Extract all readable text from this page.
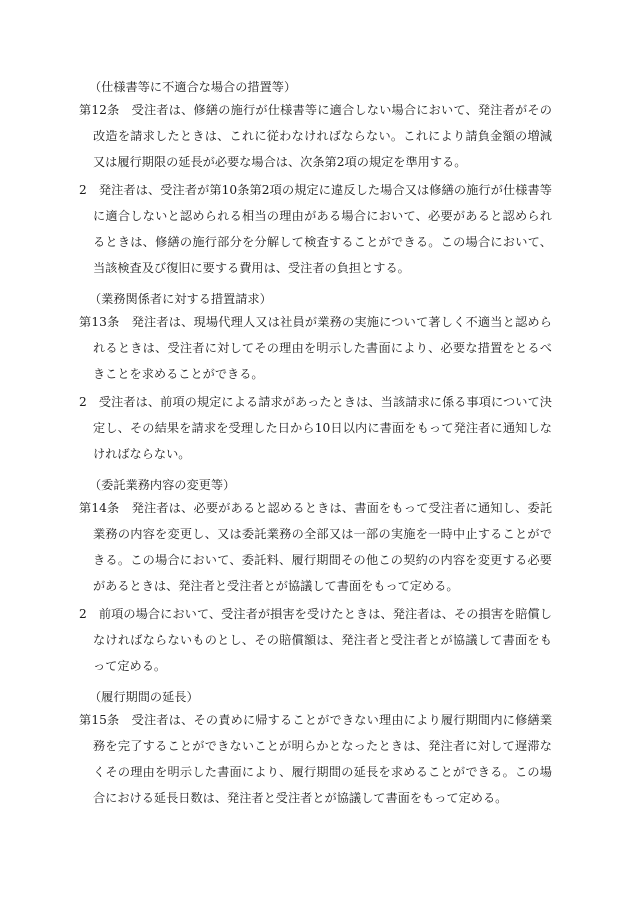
（仕様書等に不適合な場合の措置等）

第12条 受注者は、修繕の施行が仕様書等に適合しない場合において、発注者がその改造を請求したときは、これに従わなければならない。これにより請負金額の増減又は履行期限の延長が必要な場合は、次条第2項の規定を準用する。

2 発注者は、受注者が第10条第2項の規定に違反した場合又は修繕の施行が仕様書等に適合しないと認められる相当の理由がある場合において、必要があると認められるときは、修繕の施行部分を分解して検査することができる。この場合において、当該検査及び復旧に要する費用は、受注者の負担とする。

（業務関係者に対する措置請求）

第13条 発注者は、現場代理人又は社員が業務の実施について著しく不適当と認められるときは、受注者に対してその理由を明示した書面により、必要な措置をとるべきことを求めることができる。

2 受注者は、前項の規定による請求があったときは、当該請求に係る事項について決定し、その結果を請求を受理した日から10日以内に書面をもって発注者に通知しなければならない。

（委託業務内容の変更等）

第14条 発注者は、必要があると認めるときは、書面をもって受注者に通知し、委託業務の内容を変更し、又は委託業務の全部又は一部の実施を一時中止することができる。この場合において、委託料、履行期間その他この契約の内容を変更する必要があるときは、発注者と受注者とが協議して書面をもって定める。

2 前項の場合において、受注者が損害を受けたときは、発注者は、その損害を賠償しなければならないものとし、その賠償額は、発注者と受注者とが協議して書面をもって定める。

（履行期間の延長）

第15条 受注者は、その責めに帰することができない理由により履行期間内に修繕業務を完了することができないことが明らかとなったときは、発注者に対して遅滞なくその理由を明示した書面により、履行期間の延長を求めることができる。この場合における延長日数は、発注者と受注者とが協議して書面をもって定める。
